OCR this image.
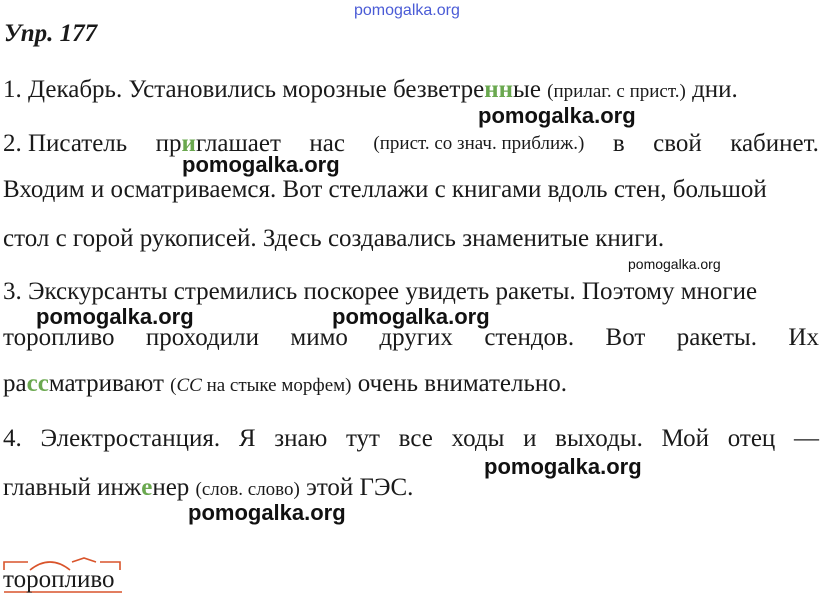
pomogalka.org
Упр. 177
1. Декабрь. Установились морозные безветренные (прилаг. с прист.) дни.
pomogalka.org
2. Писатель приглашает нас (прист. со знач. приближ.) в свой кабинет.
pomogalka.org
Входим и осматриваемся. Вот стеллажи с книгами вдоль стен, большой
стол с горой рукописей. Здесь создавались знаменитые книги.
pomogalka.org
3. Экскурсанты стремились поскорее увидеть ракеты. Поэтому многие
pomogalka.org	pomogalka.org
торопливо проходили мимо других стендов. Вот ракеты. Их
рассматривают (СС на стыке морфем) очень внимательно.
4. Электростанция. Я знаю тут все ходы и выходы. Мой отец —
pomogalka.org
главный инженер (слов. слово) этой ГЭС.
pomogalka.org
торопливо
